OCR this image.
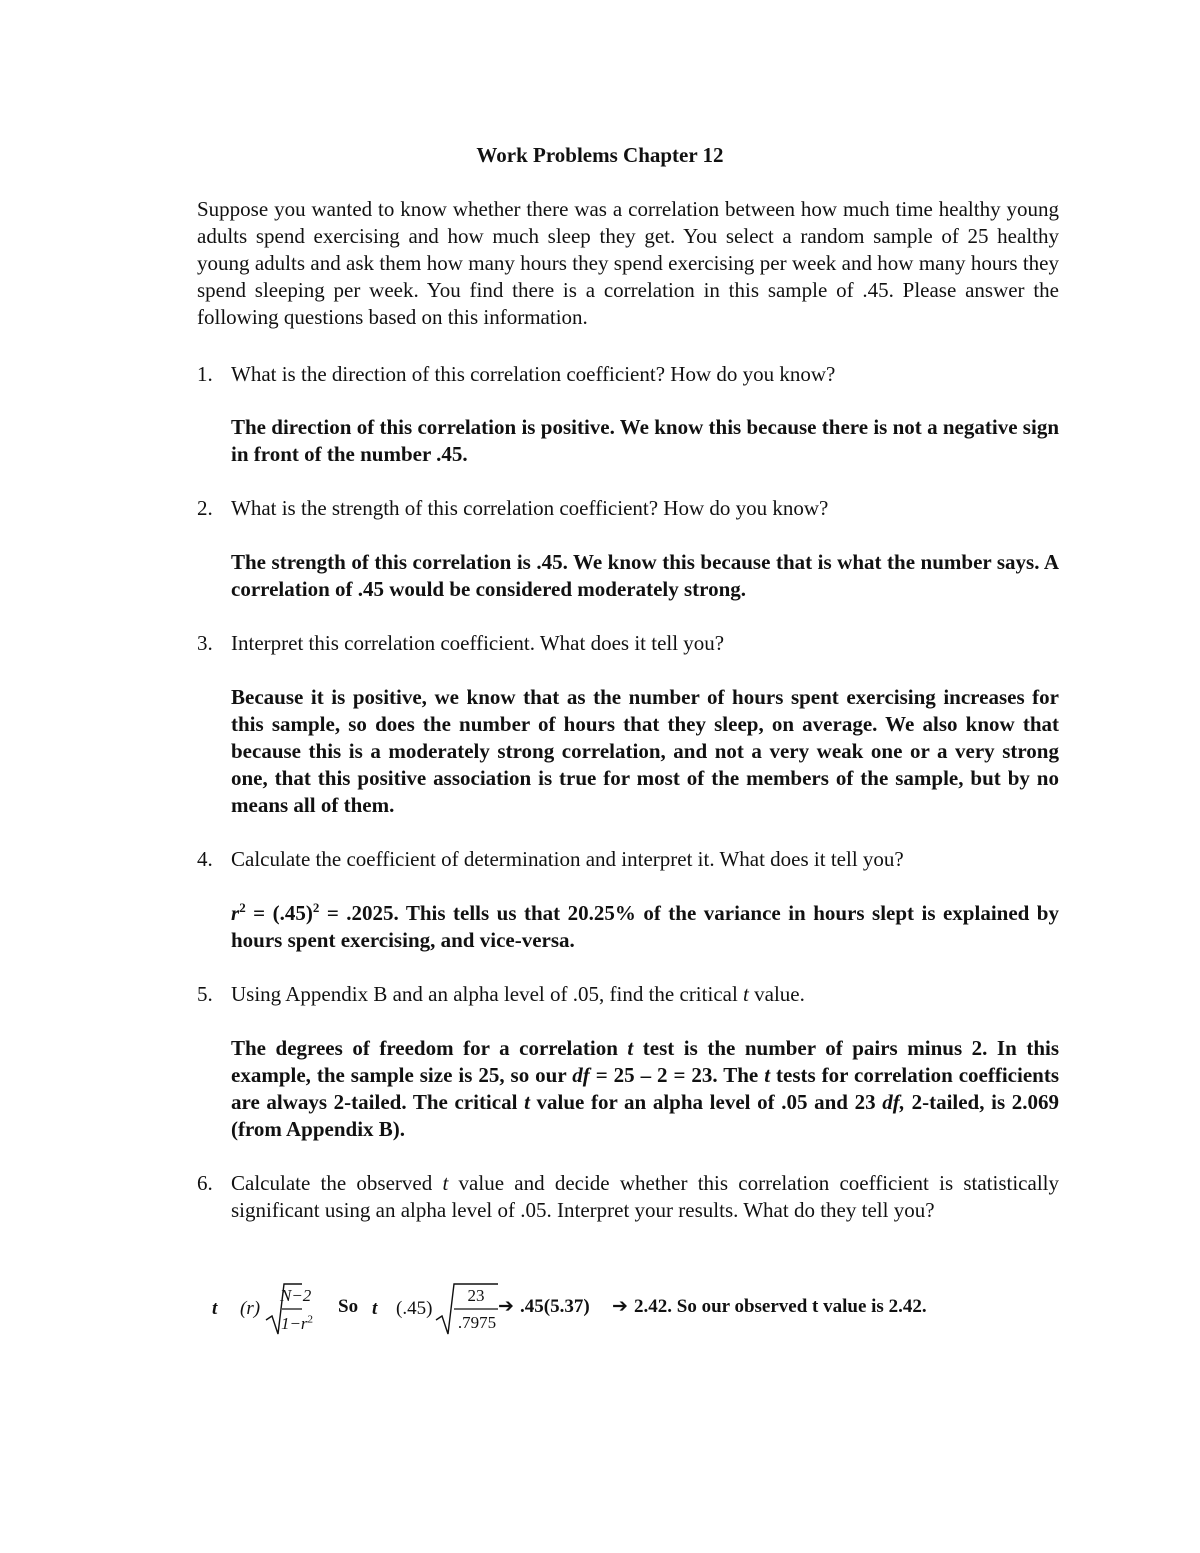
Work Problems Chapter 12
Suppose you wanted to know whether there was a correlation between how much time healthy young adults spend exercising and how much sleep they get. You select a random sample of 25 healthy young adults and ask them how many hours they spend exercising per week and how many hours they spend sleeping per week. You find there is a correlation in this sample of .45. Please answer the following questions based on this information.
1. What is the direction of this correlation coefficient? How do you know?
The direction of this correlation is positive. We know this because there is not a negative sign in front of the number .45.
2. What is the strength of this correlation coefficient? How do you know?
The strength of this correlation is .45. We know this because that is what the number says. A correlation of .45 would be considered moderately strong.
3. Interpret this correlation coefficient. What does it tell you?
Because it is positive, we know that as the number of hours spent exercising increases for this sample, so does the number of hours that they sleep, on average. We also know that because this is a moderately strong correlation, and not a very weak one or a very strong one, that this positive association is true for most of the members of the sample, but by no means all of them.
4. Calculate the coefficient of determination and interpret it. What does it tell you?
$r^2 = (.45)^2 = .2025$. This tells us that 20.25% of the variance in hours slept is explained by hours spent exercising, and vice-versa.
5. Using Appendix B and an alpha level of .05, find the critical t value.
The degrees of freedom for a correlation t test is the number of pairs minus 2. In this example, the sample size is 25, so our df = 25 – 2 = 23. The t tests for correlation coefficients are always 2-tailed. The critical t value for an alpha level of .05 and 23 df, 2-tailed, is 2.069 (from Appendix B).
6. Calculate the observed t value and decide whether this correlation coefficient is statistically significant using an alpha level of .05. Interpret your results. What do they tell you?
t (r)
N−2
$1-r^2$
So t (.45)
23
.7975
➔ .45(5.37) ➔ 2.42. So our observed t value is 2.42.
